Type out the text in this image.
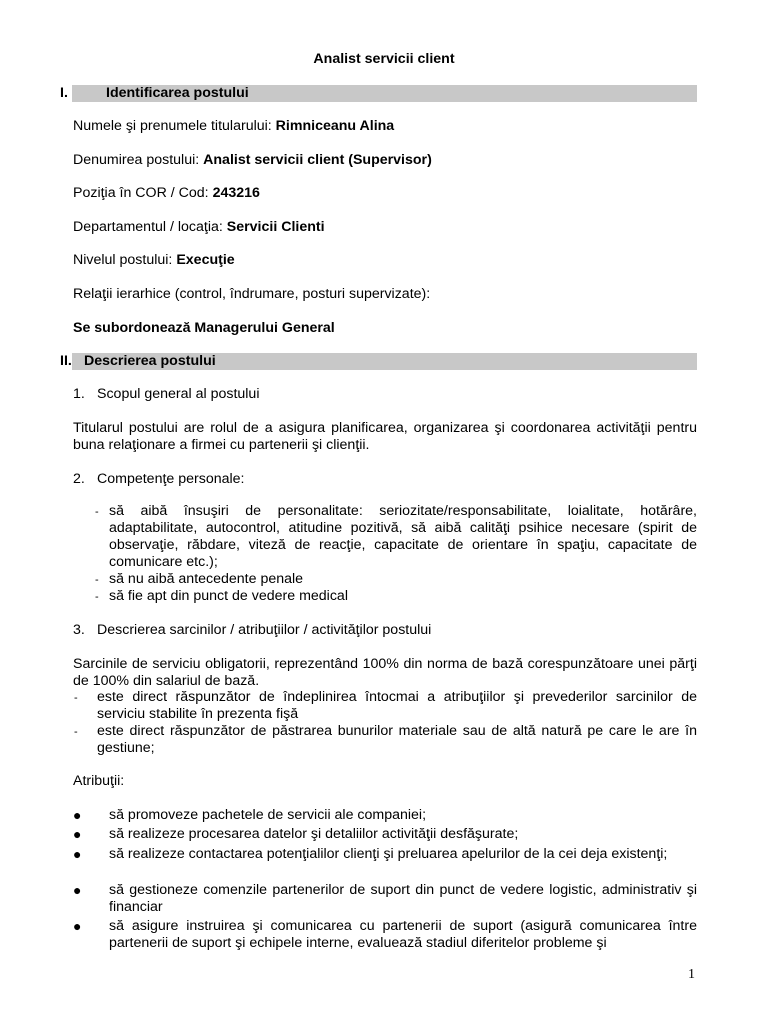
Analist servicii client
I.	Identificarea postului
Numele şi prenumele titularului: Rimniceanu Alina
Denumirea postului: Analist servicii client (Supervisor)
Poziţia în COR / Cod: 243216
Departamentul / locaţia: Servicii Clienti
Nivelul postului: Execuţie
Relaţii ierarhice (control, îndrumare, posturi supervizate):
Se subordonează Managerului General
II. Descrierea postului
1. Scopul general al postului
Titularul postului are rolul de a asigura planificarea, organizarea şi coordonarea activităţii pentru buna relaţionare a firmei cu partenerii şi clienţii.
2. Competenţe personale:
- să aibă însuşiri de personalitate: seriozitate/responsabilitate, loialitate, hotărâre, adaptabilitate, autocontrol, atitudine pozitivă, să aibă calităţi psihice necesare (spirit de observaţie, răbdare, viteză de reacţie, capacitate de orientare în spaţiu, capacitate de comunicare etc.);
- să nu aibă antecedente penale
- să fie apt din punct de vedere medical
3. Descrierea sarcinilor / atribuţiilor / activităţilor postului
Sarcinile de serviciu obligatorii, reprezentând 100% din norma de bază corespunzătoare unei părţi de 100% din salariul de bază.
- este direct răspunzător de îndeplinirea întocmai a atribuţiilor şi prevederilor sarcinilor de serviciu stabilite în prezenta fişă
- este direct răspunzător de păstrarea bunurilor materiale sau de altă natură pe care le are în gestiune;
Atribuţii:
● să promoveze pachetele de servicii ale companiei;
● să realizeze procesarea datelor şi detaliilor activităţii desfăşurate;
● să realizeze contactarea potenţialilor clienţi şi preluarea apelurilor de la cei deja existenţi;
● să gestioneze comenzile partenerilor de suport din punct de vedere logistic, administrativ şi financiar
● să asigure instruirea şi comunicarea cu partenerii de suport (asigură comunicarea între partenerii de suport şi echipele interne, evaluează stadiul diferitelor probleme şi
1
